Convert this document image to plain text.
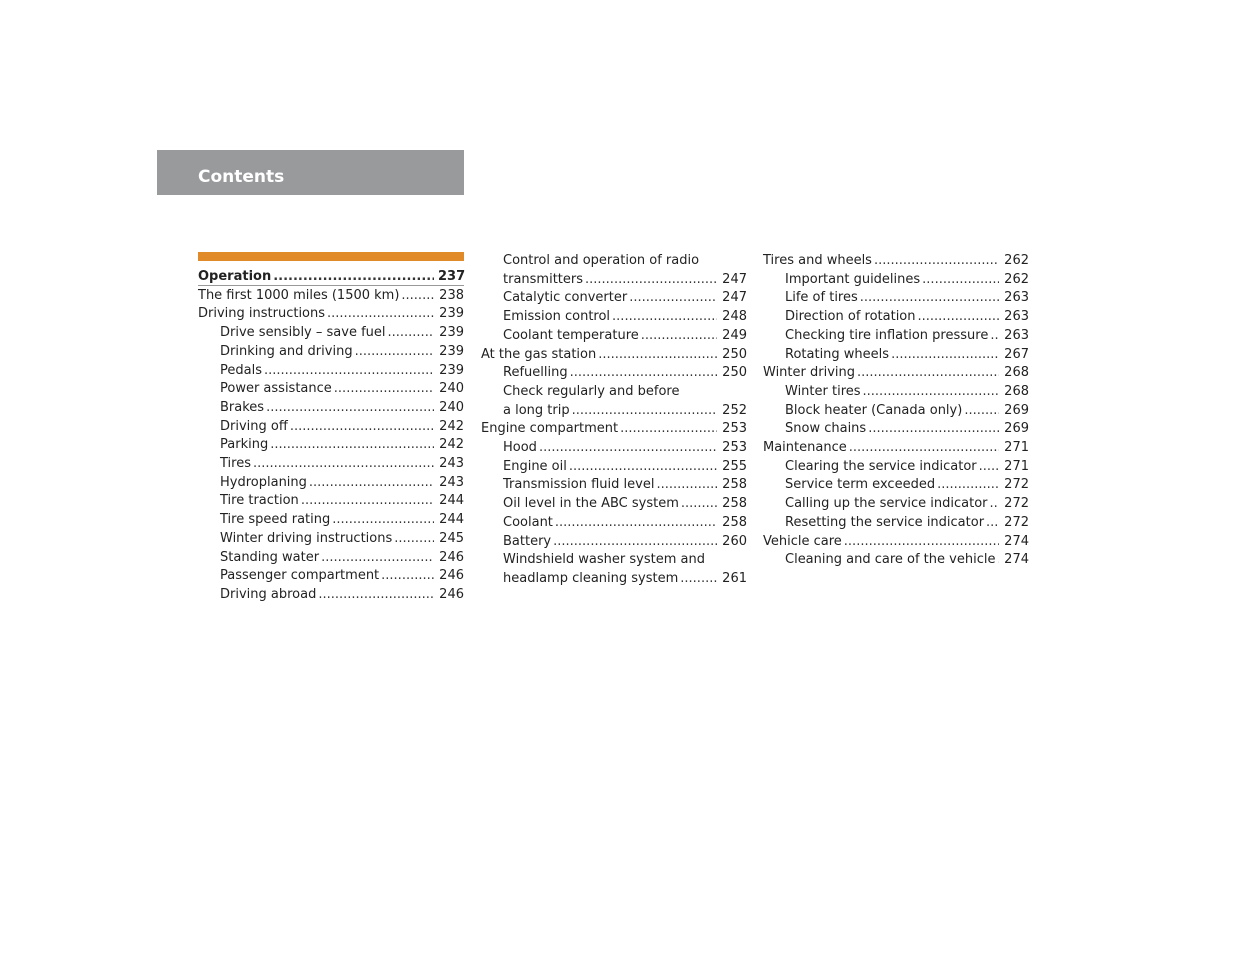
Contents
Operation .....	237
The first 1000 miles (1500 km) .....	238
Driving instructions .....	239
Drive sensibly – save fuel .....	239
Drinking and driving .....	239
Pedals .....	239
Power assistance .....	240
Brakes .....	240
Driving off .....	242
Parking .....	242
Tires .....	243
Hydroplaning .....	243
Tire traction .....	244
Tire speed rating .....	244
Winter driving instructions .....	245
Standing water .....	246
Passenger compartment .....	246
Driving abroad .....	246
Control and operation of radio
transmitters .....	247
Catalytic converter .....	247
Emission control .....	248
Coolant temperature .....	249
At the gas station .....	250
Refuelling .....	250
Check regularly and before
a long trip .....	252
Engine compartment .....	253
Hood .....	253
Engine oil .....	255
Transmission fluid level .....	258
Oil level in the ABC system .....	258
Coolant .....	258
Battery .....	260
Windshield washer system and
headlamp cleaning system .....	261
Tires and wheels .....	262
Important guidelines .....	262
Life of tires .....	263
Direction of rotation .....	263
Checking tire inflation pressure ..... 263
Rotating wheels .....	267
Winter driving .....	268
Winter tires .....	268
Block heater (Canada only) .....	269
Snow chains .....	269
Maintenance .....	271
Clearing the service indicator ..... 271
Service term exceeded .....	272
Calling up the service indicator ..... 272
Resetting the service indicator ..... 272
Vehicle care .....	274
Cleaning and care of the vehicle ..... 274
